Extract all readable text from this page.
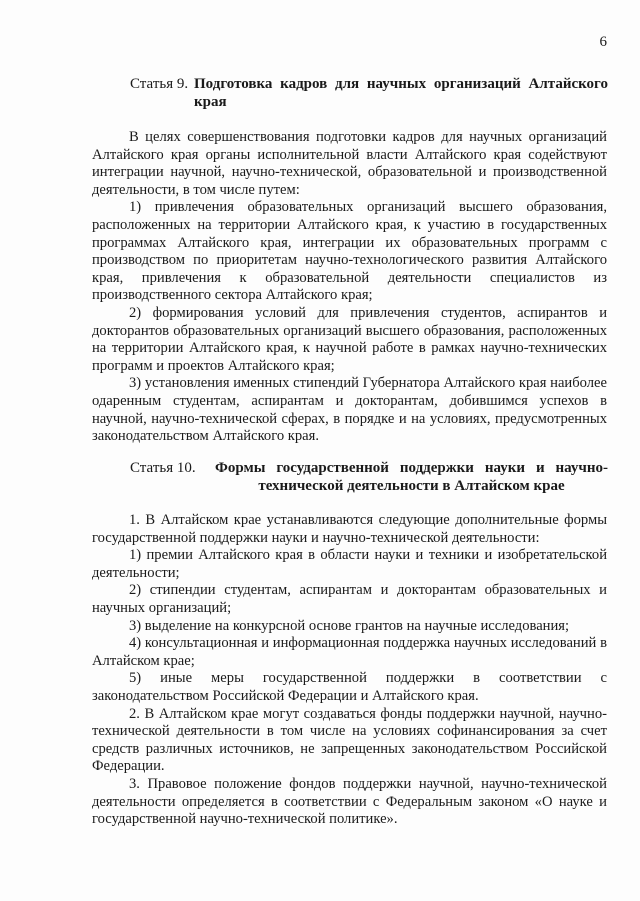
6
Статья 9. Подготовка кадров для научных организаций Алтайского края

В целях совершенствования подготовки кадров для научных организаций Алтайского края органы исполнительной власти Алтайского края содействуют интеграции научной, научно-технической, образовательной и производственной деятельности, в том числе путем:

1) привлечения образовательных организаций высшего образования, расположенных на территории Алтайского края, к участию в государственных программах Алтайского края, интеграции их образовательных программ с производством по приоритетам научно-технологического развития Алтайского края, привлечения к образовательной деятельности специалистов из производственного сектора Алтайского края;

2) формирования условий для привлечения студентов, аспирантов и докторантов образовательных организаций высшего образования, расположенных на территории Алтайского края, к научной работе в рамках научно-технических программ и проектов Алтайского края;

3) установления именных стипендий Губернатора Алтайского края наиболее одаренным студентам, аспирантам и докторантам, добившимся успехов в научной, научно-технической сферах, в порядке и на условиях, предусмотренных законодательством Алтайского края.

Статья 10. Формы государственной поддержки науки и научно-технической деятельности в Алтайском крае

1. В Алтайском крае устанавливаются следующие дополнительные формы государственной поддержки науки и научно-технической деятельности:

1) премии Алтайского края в области науки и техники и изобретательской деятельности;

2) стипендии студентам, аспирантам и докторантам образовательных и научных организаций;

3) выделение на конкурсной основе грантов на научные исследования;

4) консультационная и информационная поддержка научных исследований в Алтайском крае;

5) иные меры государственной поддержки в соответствии с законодательством Российской Федерации и Алтайского края.

2. В Алтайском крае могут создаваться фонды поддержки научной, научно-технической деятельности в том числе на условиях софинансирования за счет средств различных источников, не запрещенных законодательством Российской Федерации.

3. Правовое положение фондов поддержки научной, научно-технической деятельности определяется в соответствии с Федеральным законом «О науке и государственной научно-технической политике».
